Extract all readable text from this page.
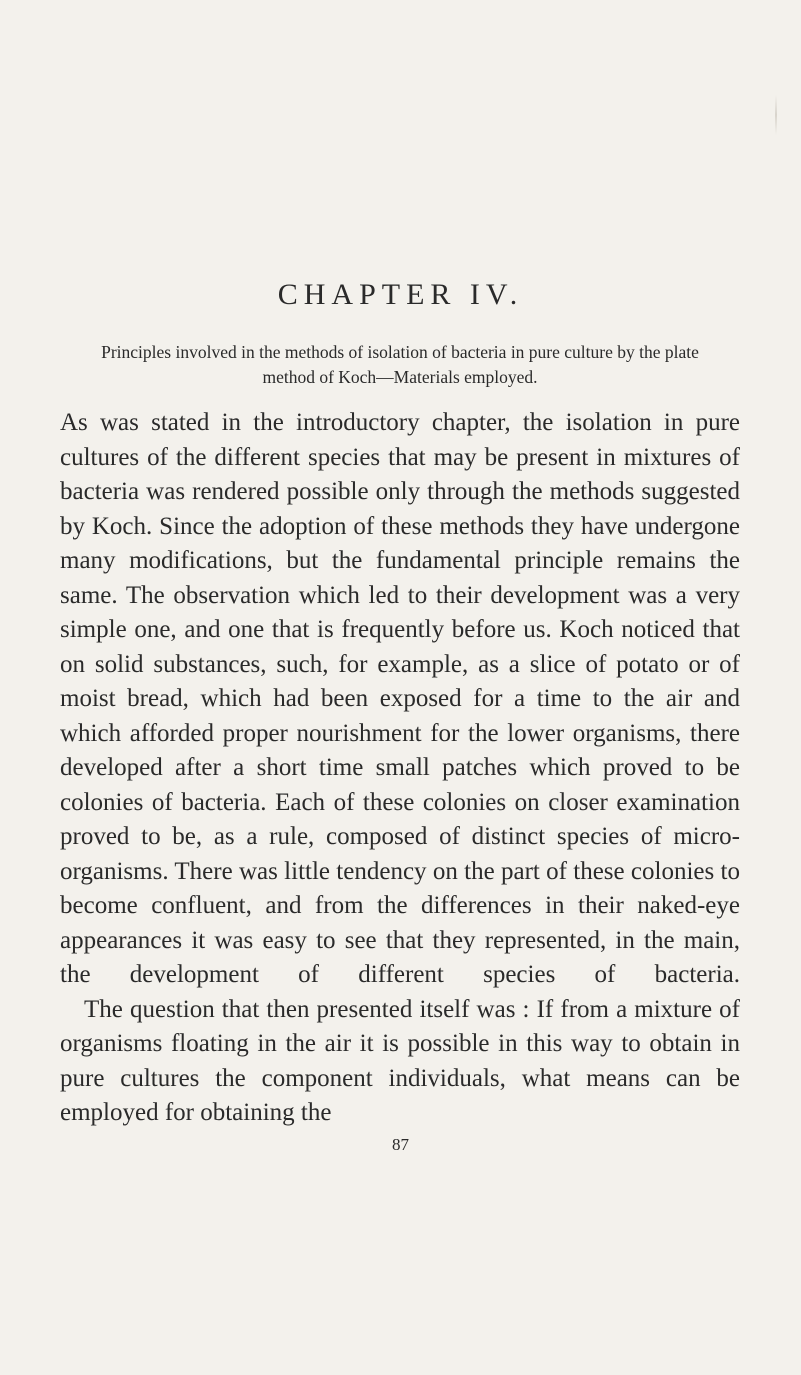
CHAPTER IV.

Principles involved in the methods of isolation of bacteria in pure culture by the plate method of Koch—Materials employed.

As was stated in the introductory chapter, the isolation in pure cultures of the different species that may be present in mixtures of bacteria was rendered possible only through the methods suggested by Koch. Since the adoption of these methods they have undergone many modifications, but the fundamental principle remains the same. The observation which led to their development was a very simple one, and one that is frequently before us. Koch noticed that on solid substances, such, for example, as a slice of potato or of moist bread, which had been exposed for a time to the air and which afforded proper nourishment for the lower organisms, there developed after a short time small patches which proved to be colonies of bacteria. Each of these colonies on closer examination proved to be, as a rule, composed of distinct species of micro-organisms. There was little tendency on the part of these colonies to become confluent, and from the differences in their naked-eye appearances it was easy to see that they represented, in the main, the development of different species of bacteria.

The question that then presented itself was : If from a mixture of organisms floating in the air it is possible in this way to obtain in pure cultures the component individuals, what means can be employed for obtaining the

87
